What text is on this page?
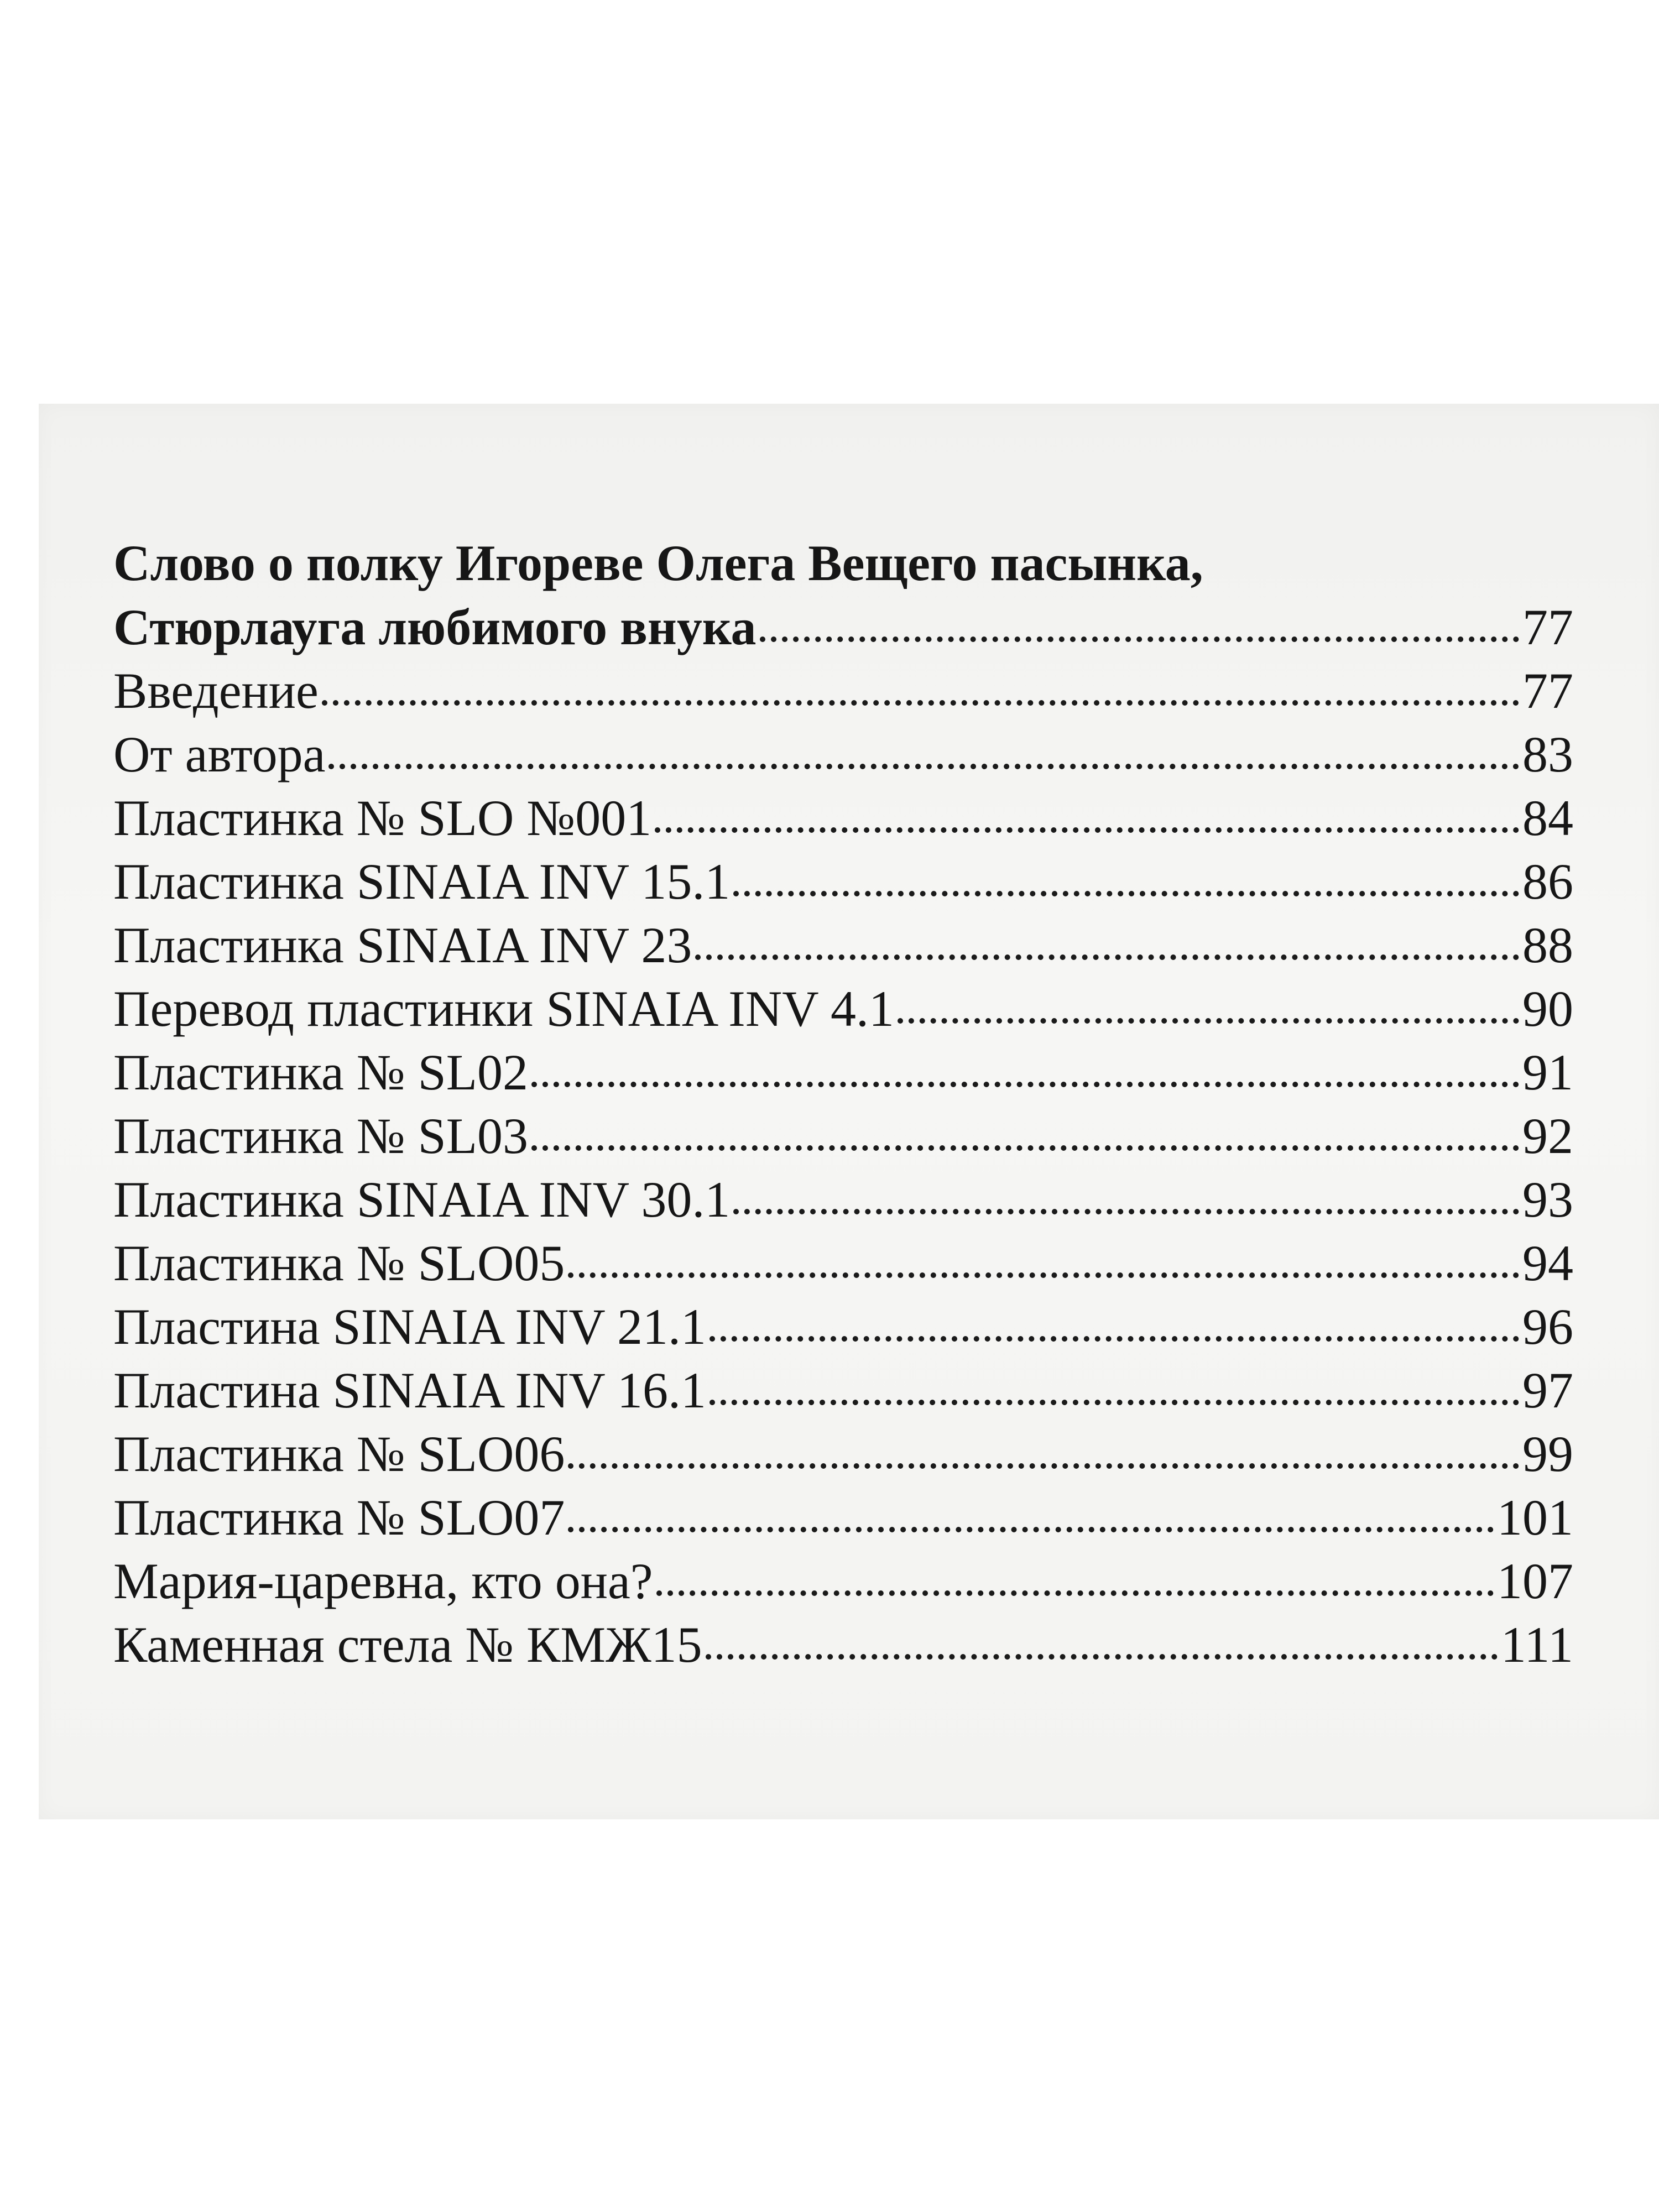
Слово о полку Игореве Олега Вещего пасынка,
Стюрлауга любимого внука	77
Введение	77
От автора	83
Пластинка № SLO №001	84
Пластинка SINAIA INV 15.1	86
Пластинка SINAIA INV 23	88
Перевод пластинки SINAIA INV 4.1	90
Пластинка № SL02	91
Пластинка № SL03	92
Пластинка SINAIA INV 30.1	93
Пластинка № SLO05	94
Пластина SINAIA INV 21.1	96
Пластина SINAIA INV 16.1	97
Пластинка № SLO06	99
Пластинка № SLO07	101
Мария-царевна, кто она?	107
Каменная стела № КМЖ15	111
